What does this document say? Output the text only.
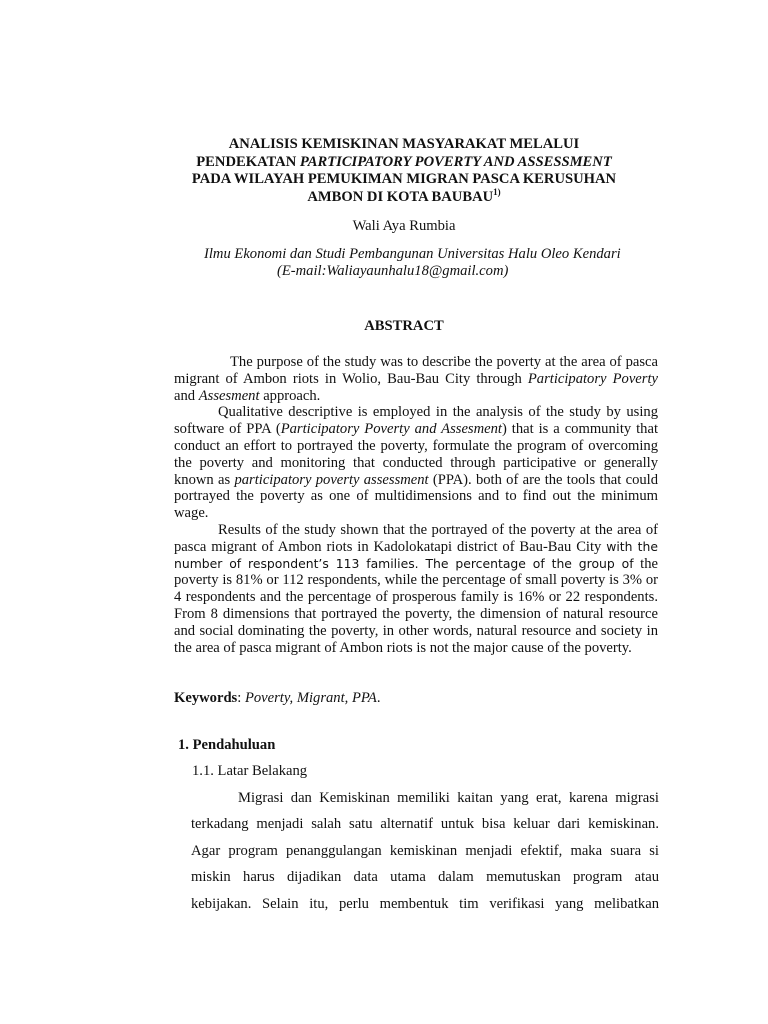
ANALISIS KEMISKINAN MASYARAKAT MELALUI
PENDEKATAN PARTICIPATORY POVERTY AND ASSESSMENT
PADA WILAYAH PEMUKIMAN MIGRAN PASCA KERUSUHAN
AMBON DI KOTA BAUBAU$^{1)}$
Wali Aya Rumbia
Ilmu Ekonomi dan Studi Pembangunan Universitas Halu Oleo Kendari
(E-mail:Waliayaunhalu18@gmail.com)
ABSTRACT

The purpose of the study was to describe the poverty at the area of pasca migrant of Ambon riots in Wolio, Bau-Bau City through Participatory Poverty and Assesment approach.

Qualitative descriptive is employed in the analysis of the study by using software of PPA (Participatory Poverty and Assesment) that is a community that conduct an effort to portrayed the poverty, formulate the program of overcoming the poverty and monitoring that conducted through participative or generally known as participatory poverty assessment (PPA). both of are the tools that could portrayed the poverty as one of multidimensions and to find out the minimum wage.

Results of the study shown that the portrayed of the poverty at the area of pasca migrant of Ambon riots in Kadolokatapi district of Bau-Bau City with the number of respondent’s 113 families. The percentage of the group of the poverty is 81% or 112 respondents, while the percentage of small poverty is 3% or 4 respondents and the percentage of prosperous family is 16% or 22 respondents. From 8 dimensions that portrayed the poverty, the dimension of natural resource and social dominating the poverty, in other words, natural resource and society in the area of pasca migrant of Ambon riots is not the major cause of the poverty.

Keywords: Poverty, Migrant, PPA.
1. Pendahuluan
1.1. Latar Belakang
Migrasi dan Kemiskinan memiliki kaitan yang erat, karena migrasi
terkadang menjadi salah satu alternatif untuk bisa keluar dari kemiskinan.
Agar program penanggulangan kemiskinan menjadi efektif, maka suara si
miskin harus dijadikan data utama dalam memutuskan program atau
kebijakan. Selain itu, perlu membentuk tim verifikasi yang melibatkan
